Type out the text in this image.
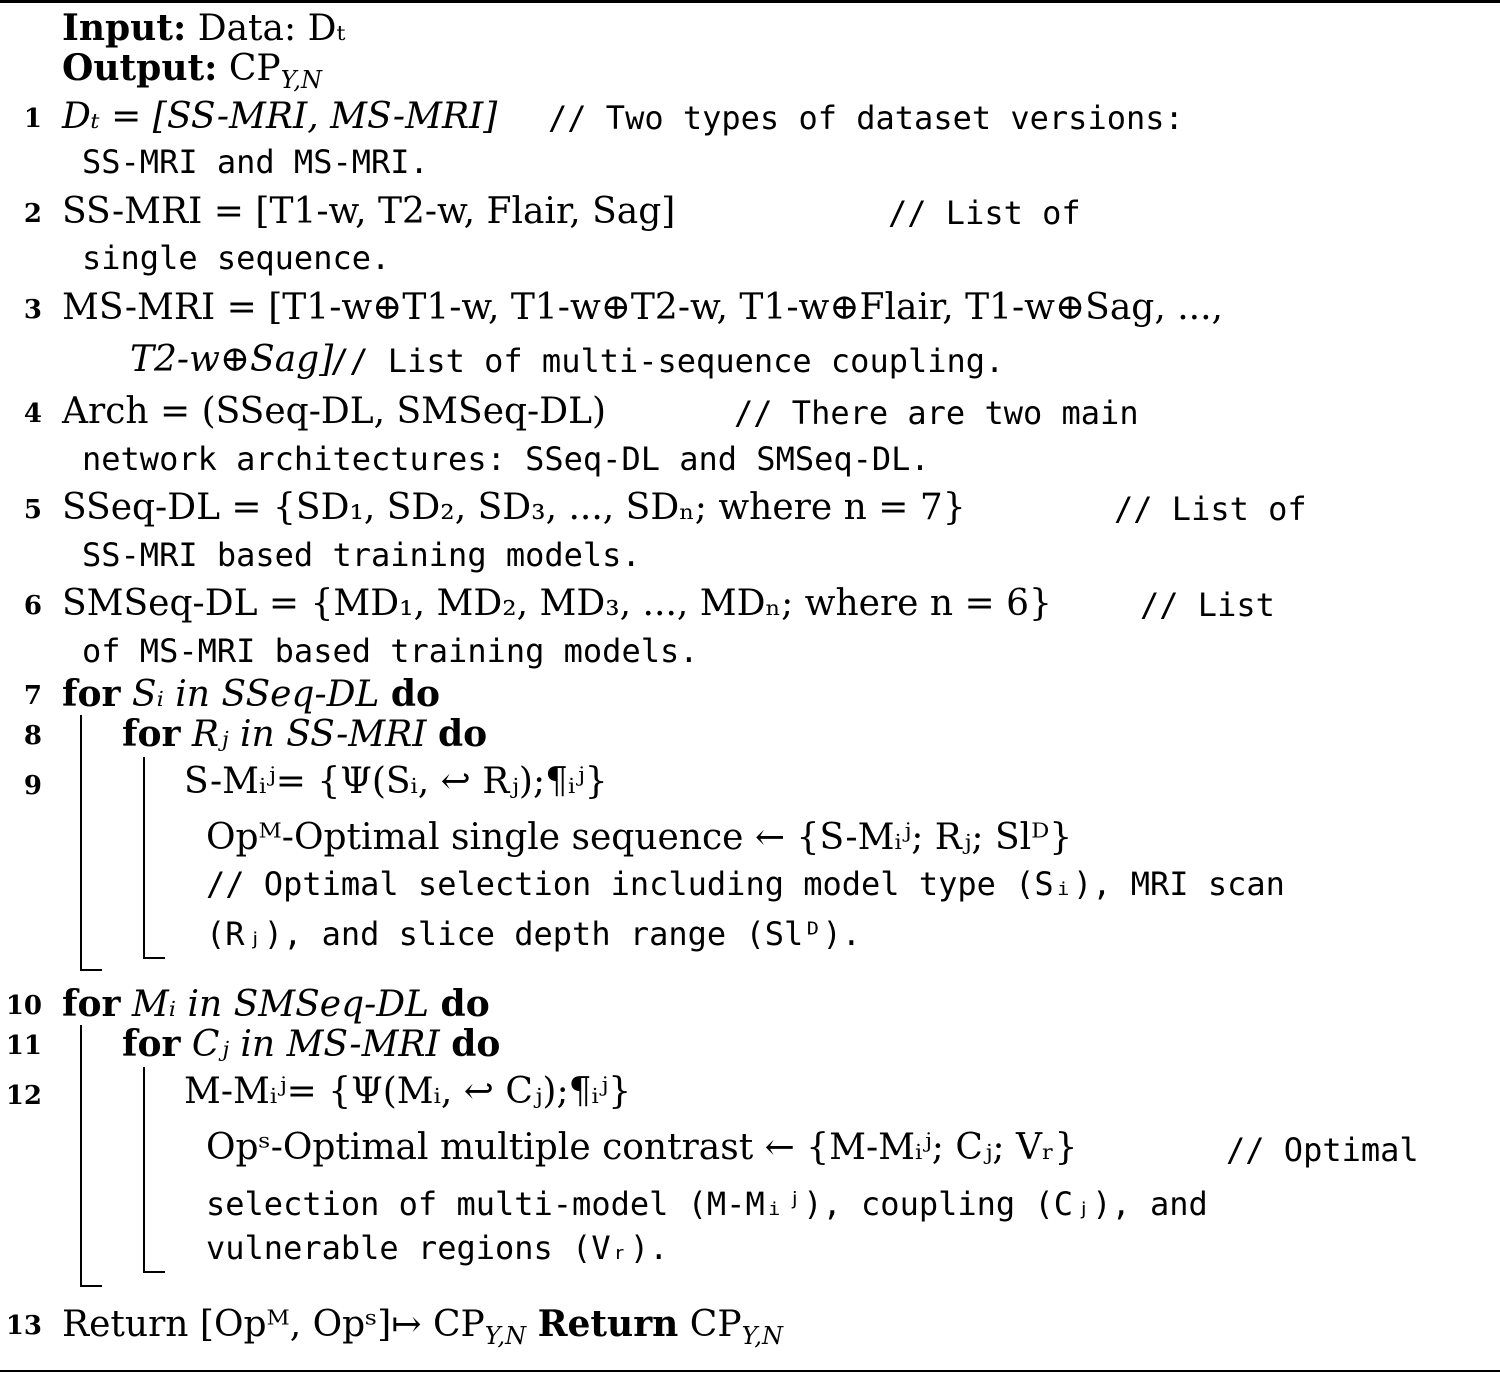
Input: Data: Dₜ
Output: $CP_{Y,N}$
1 Dₜ = [SS-MRI, MS-MRI] // Two types of dataset versions:
SS-MRI and MS-MRI.
2 SS-MRI = [T1-w, T2-w, Flair, Sag]	// List of
single sequence.
3 MS-MRI = [T1-w⊕T1-w, T1-w⊕T2-w, T1-w⊕Flair, T1-w⊕Sag, ...,
T2-w⊕Sag]
// List of multi-sequence coupling.
4 Arch = (SSeq-DL, SMSeq-DL)	// There are two main
network architectures: SSeq-DL and SMSeq-DL.
5 SSeq-DL = {SD₁, SD₂, SD₃, ..., SDₙ; where n = 7}	// List of
SS-MRI based training models.
6 SMSeq-DL = {MD₁, MD₂, MD₃, ..., MDₙ; where n = 6}	// List
of MS-MRI based training models.
7 for Sᵢ in SSeq-DL do
8 for Rⱼ in SS-MRI do
9	S-Mᵢʲ= {Ψ(Sᵢ, ↩ Rⱼ);¶ᵢʲ}
Opᴹ-Optimal single sequence ← {S-Mᵢʲ; Rⱼ; Slᴰ}
// Optimal selection including model type (Sᵢ), MRI scan
(Rⱼ), and slice depth range (Slᴰ).
10 for Mᵢ in SMSeq-DL do
11 for Cⱼ in MS-MRI do
12	M-Mᵢʲ= {Ψ(Mᵢ, ↩ Cⱼ);¶ᵢʲ}
Opˢ-Optimal multiple contrast ← {M-Mᵢʲ; Cⱼ; Vᵣ}	// Optimal
selection of multi-model (M-Mᵢʲ), coupling (Cⱼ), and
vulnerable regions (Vᵣ).
13 Return [Opᴹ, Opˢ]↦ $CP_{Y,N}$ Return $CP_{Y,N}$
